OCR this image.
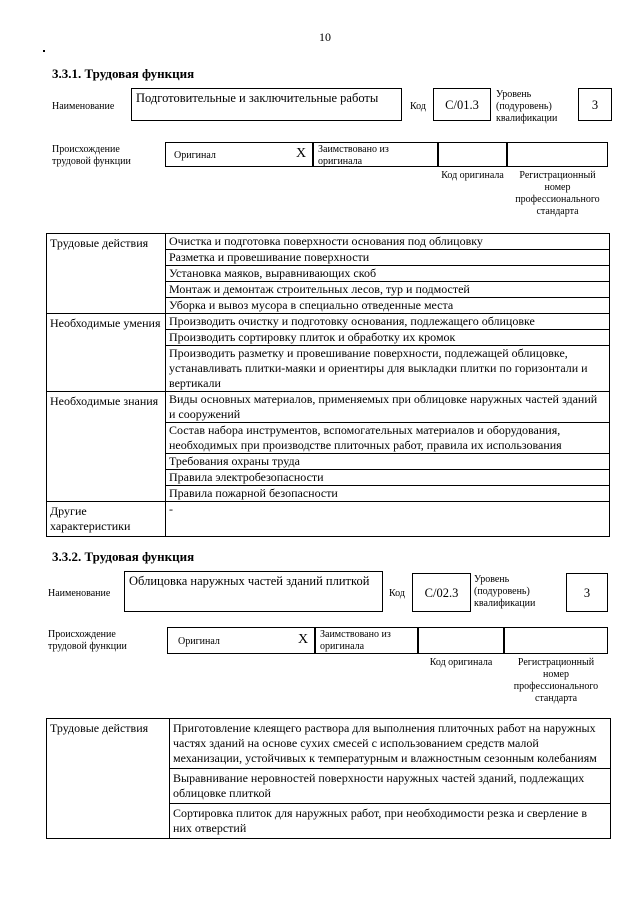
10
3.3.1. Трудовая функция
Наименование
Подготовительные и заключительные работы
Код	C/01.3
Уровень (подуровень) квалификации
3
Происхождение трудовой функции
Оригинал	X Заимствовано из оригинала
Код оригинала	Регистрационный номер профессионального стандарта
Трудовые действия	Очистка и подготовка поверхности основания под облицовку
	Разметка и провешивание поверхности
	Установка маяков, выравнивающих скоб
	Монтаж и демонтаж строительных лесов, тур и подмостей
	Уборка и вывоз мусора в специально отведенные места
Необходимые умения	Производить очистку и подготовку основания, подлежащего облицовке
	Производить сортировку плиток и обработку их кромок
	Производить разметку и провешивание поверхности, подлежащей облицовке, устанавливать плитки-маяки и ориентиры для выкладки плитки по горизонтали и вертикали
Необходимые знания	Виды основных материалов, применяемых при облицовке наружных частей зданий и сооружений
	Состав набора инструментов, вспомогательных материалов и оборудования, необходимых при производстве плиточных работ, правила их использования
	Требования охраны труда
	Правила электробезопасности
	Правила пожарной безопасности
Другие характеристики	-
3.3.2. Трудовая функция
Наименование
Облицовка наружных частей зданий плиткой
Код	C/02.3
Уровень (подуровень) квалификации
3
Происхождение трудовой функции	Оригинал	X Заимствовано из оригинала
Код оригинала	Регистрационный номер профессионального стандарта
Трудовые действия	Приготовление клеящего раствора для выполнения плиточных работ на наружных частях зданий на основе сухих смесей с использованием средств малой механизации, устойчивых к температурным и влажностным сезонным колебаниям
Выравнивание неровностей поверхности наружных частей зданий, подлежащих облицовке плиткой
Сортировка плиток для наружных работ, при необходимости резка и сверление в них отверстий
